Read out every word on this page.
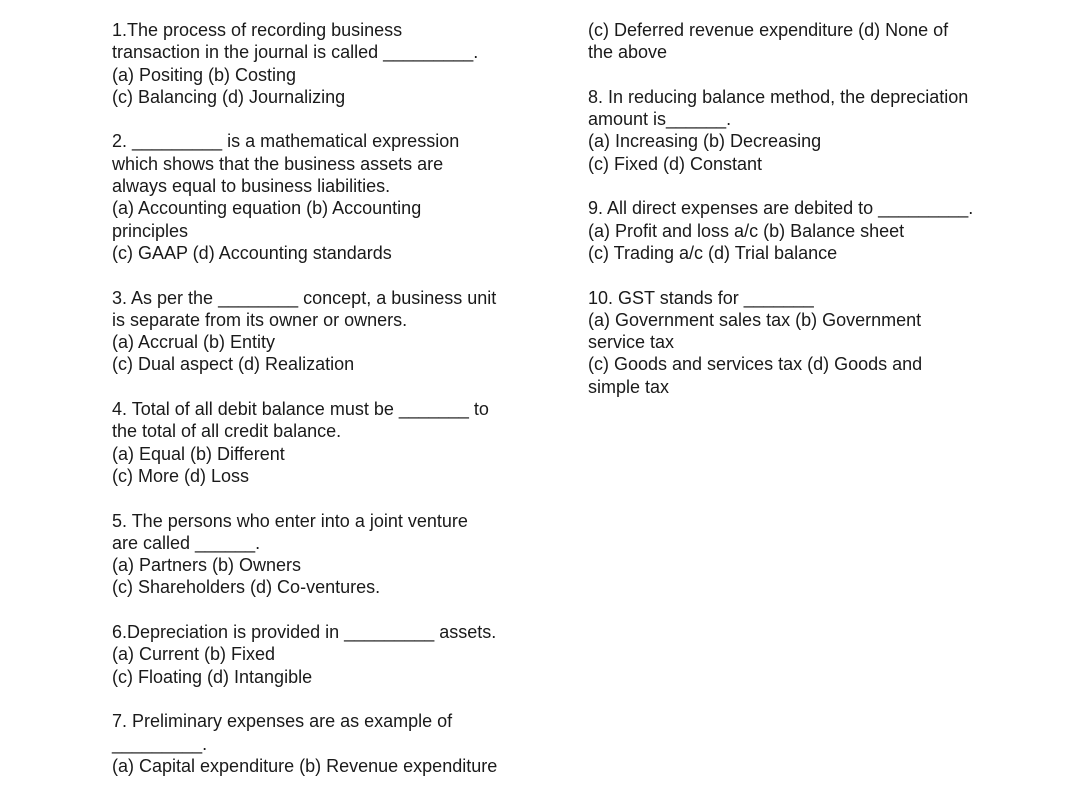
1.The process of recording business
transaction in the journal is called _________.
(a) Positing (b) Costing
(c) Balancing (d) Journalizing
2. _________ is a mathematical expression
which shows that the business assets are
always equal to business liabilities.
(a) Accounting equation (b) Accounting
principles
(c) GAAP (d) Accounting standards
3. As per the ________ concept, a business unit
is separate from its owner or owners.
(a) Accrual (b) Entity
(c) Dual aspect (d) Realization
4. Total of all debit balance must be _______ to
the total of all credit balance.
(a) Equal (b) Different
(c) More (d) Loss
5. The persons who enter into a joint venture
are called ______.
(a) Partners (b) Owners
(c) Shareholders (d) Co-ventures.
6.Depreciation is provided in _________ assets.
(a) Current (b) Fixed
(c) Floating (d) Intangible
7. Preliminary expenses are as example of
_________.
(a) Capital expenditure (b) Revenue expenditure
(c) Deferred revenue expenditure (d) None of
the above
8. In reducing balance method, the depreciation
amount is______.
(a) Increasing (b) Decreasing
(c) Fixed (d) Constant
9. All direct expenses are debited to _________.
(a) Profit and loss a/c (b) Balance sheet
(c) Trading a/c (d) Trial balance
10. GST stands for _______
(a) Government sales tax (b) Government
service tax
(c) Goods and services tax (d) Goods and
simple tax
